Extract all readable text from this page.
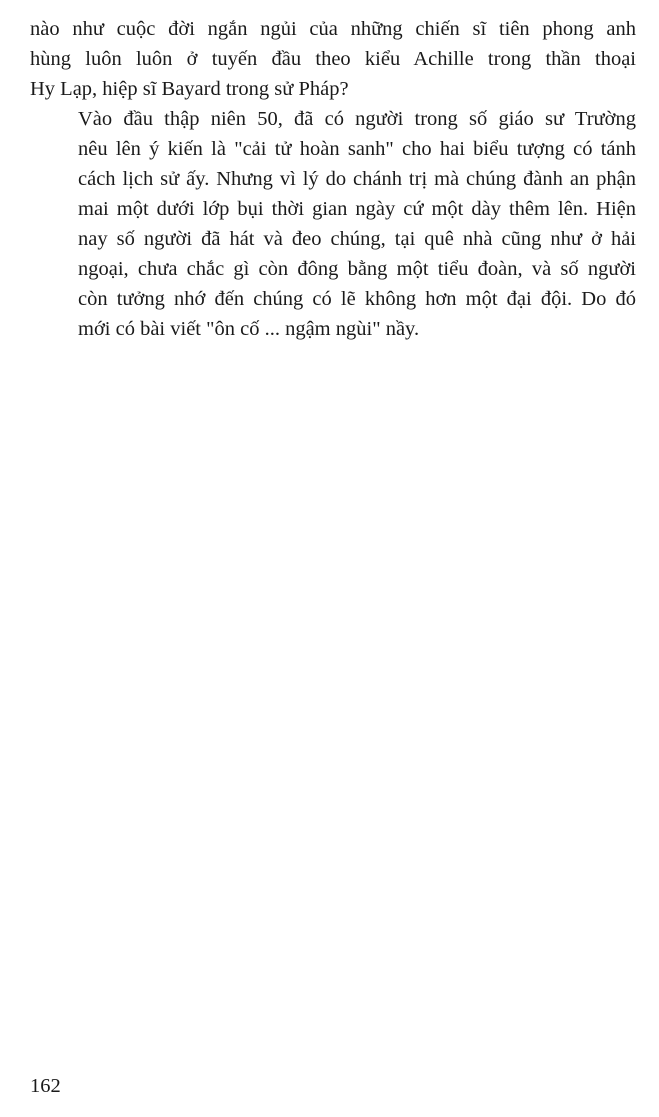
nào như cuộc đời ngắn ngủi của những chiến sĩ tiên phong anh
hùng luôn luôn ở tuyến đầu theo kiểu Achille trong thần thoại
Hy Lạp, hiệp sĩ Bayard trong sử Pháp?

Vào đầu thập niên 50, đã có người trong số giáo sư Trường
nêu lên ý kiến là "cải tử hoàn sanh" cho hai biểu tượng có tánh
cách lịch sử ấy. Nhưng vì lý do chánh trị mà chúng đành an phận
mai một dưới lớp bụi thời gian ngày cứ một dày thêm lên. Hiện
nay số người đã hát và đeo chúng, tại quê nhà cũng như ở hải
ngoại, chưa chắc gì còn đông bằng một tiểu đoàn, và số người
còn tưởng nhớ đến chúng có lẽ không hơn một đại đội. Do đó
mới có bài viết "ôn cố ... ngậm ngùi" nầy.

162
